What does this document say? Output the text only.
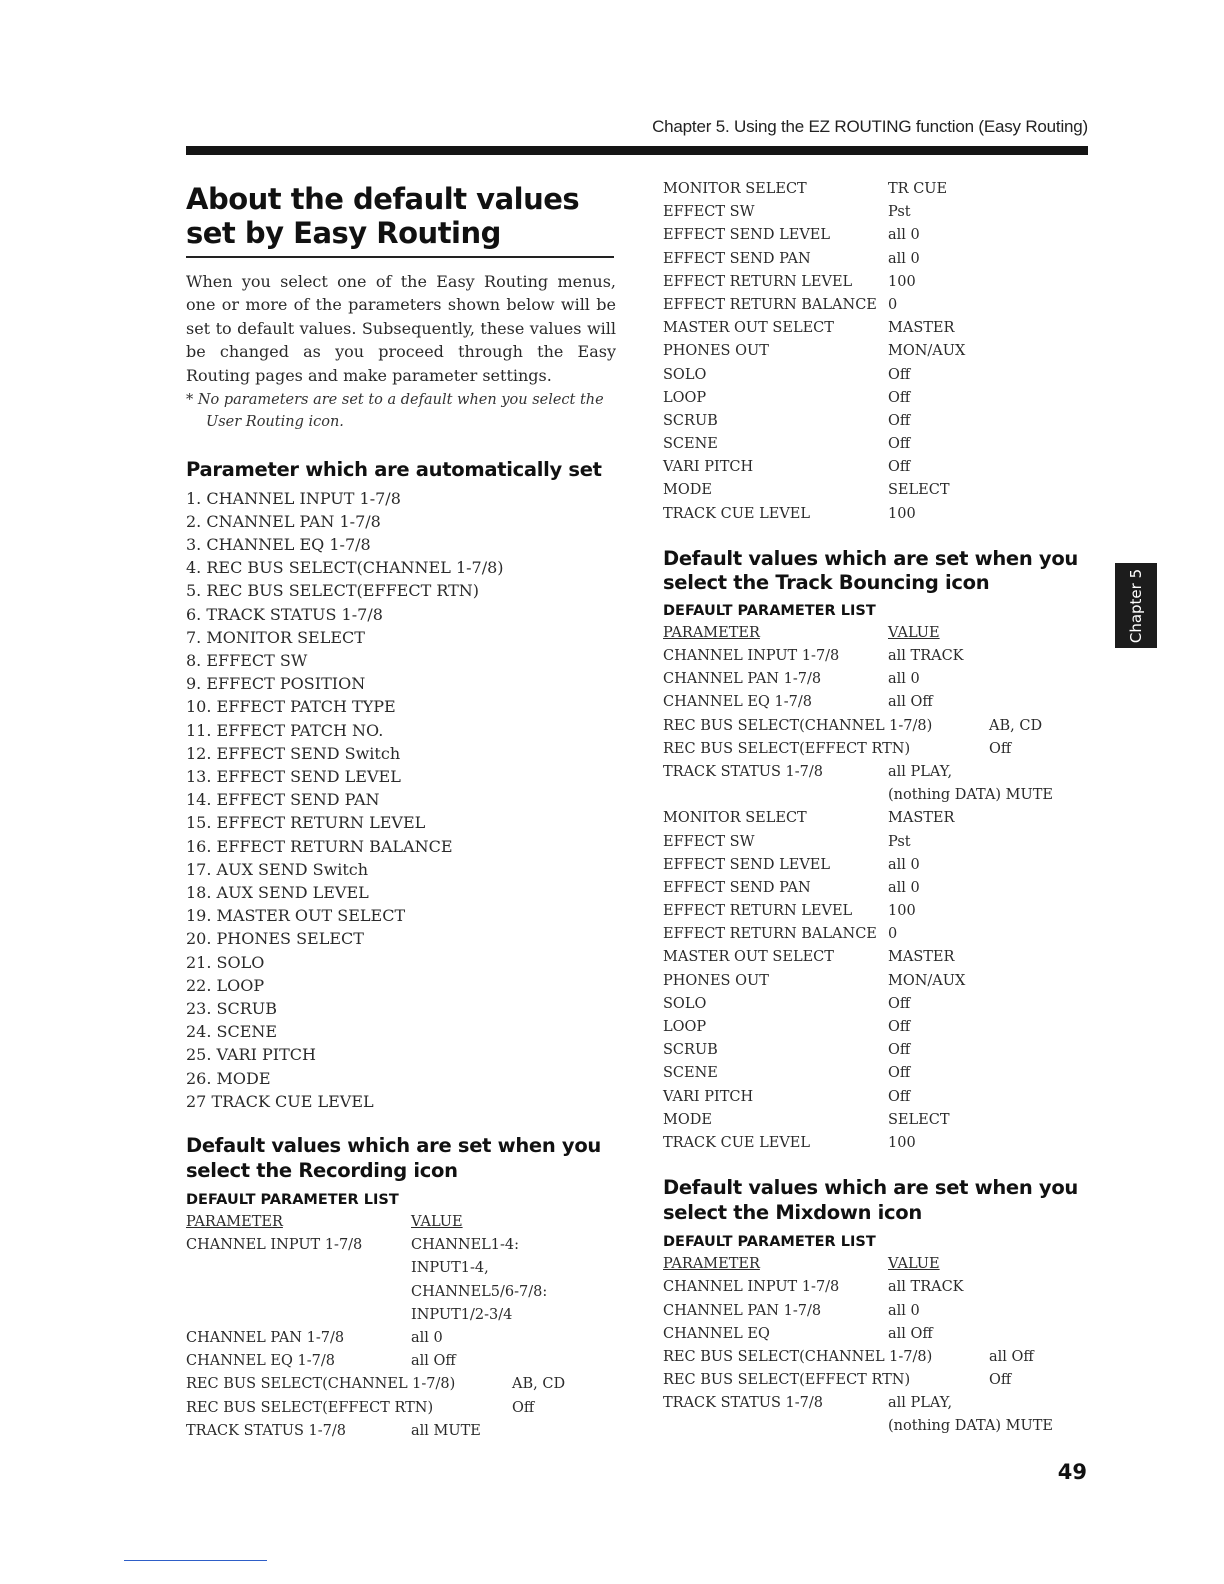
Chapter 5. Using the EZ ROUTING function (Easy Routing)
Chapter 5
About the default values set by Easy Routing
When you select one of the Easy Routing menus, one or more of the parameters shown below will be set to default values. Subsequently, these values will be changed as you proceed through the Easy Routing pages and make parameter settings.
* No parameters are set to a default when you select the User Routing icon.
Parameter which are automatically set
1. CHANNEL INPUT 1-7/8
2. CNANNEL PAN 1-7/8
3. CHANNEL EQ 1-7/8
4. REC BUS SELECT(CHANNEL 1-7/8)
5. REC BUS SELECT(EFFECT RTN)
6. TRACK STATUS 1-7/8
7. MONITOR SELECT
8. EFFECT SW
9. EFFECT POSITION
10. EFFECT PATCH TYPE
11. EFFECT PATCH NO.
12. EFFECT SEND Switch
13. EFFECT SEND LEVEL
14. EFFECT SEND PAN
15. EFFECT RETURN LEVEL
16. EFFECT RETURN BALANCE
17. AUX SEND Switch
18. AUX SEND LEVEL
19. MASTER OUT SELECT
20. PHONES SELECT
21. SOLO
22. LOOP
23. SCRUB
24. SCENE
25. VARI PITCH
26. MODE
27 TRACK CUE LEVEL
Default values which are set when you select the Recording icon
DEFAULT PARAMETER LIST
PARAMETER	VALUE
CHANNEL INPUT 1-7/8	CHANNEL1-4:
INPUT1-4,
CHANNEL5/6-7/8:
INPUT1/2-3/4
CHANNEL PAN 1-7/8	all 0
CHANNEL EQ 1-7/8	all Off
REC BUS SELECT(CHANNEL 1-7/8)	AB, CD
REC BUS SELECT(EFFECT RTN)	Off
TRACK STATUS 1-7/8	all MUTE
MONITOR SELECT	TR CUE
EFFECT SW	Pst
EFFECT SEND LEVEL	all 0
EFFECT SEND PAN	all 0
EFFECT RETURN LEVEL 100
EFFECT RETURN BALANCE 0
MASTER OUT SELECT	MASTER
PHONES OUT	MON/AUX
SOLO	Off
LOOP	Off
SCRUB	Off
SCENE	Off
VARI PITCH	Off
MODE	SELECT
TRACK CUE LEVEL	100
Default values which are set when you select the Track Bouncing icon
DEFAULT PARAMETER LIST
PARAMETER	VALUE
CHANNEL INPUT 1-7/8	all TRACK
CHANNEL PAN 1-7/8	all 0
CHANNEL EQ 1-7/8	all Off
REC BUS SELECT(CHANNEL 1-7/8)	AB, CD
REC BUS SELECT(EFFECT RTN)	Off
TRACK STATUS 1-7/8	all PLAY,
(nothing DATA) MUTE
MONITOR SELECT	MASTER
EFFECT SW	Pst
EFFECT SEND LEVEL	all 0
EFFECT SEND PAN	all 0
EFFECT RETURN LEVEL 100
EFFECT RETURN BALANCE 0
MASTER OUT SELECT	MASTER
PHONES OUT	MON/AUX
SOLO	Off
LOOP	Off
SCRUB	Off
SCENE	Off
VARI PITCH	Off
MODE	SELECT
TRACK CUE LEVEL	100
Default values which are set when you select the Mixdown icon
DEFAULT PARAMETER LIST
PARAMETER	VALUE
CHANNEL INPUT 1-7/8	all TRACK
CHANNEL PAN 1-7/8	all 0
CHANNEL EQ	all Off
REC BUS SELECT(CHANNEL 1-7/8)	all Off
REC BUS SELECT(EFFECT RTN)	Off
TRACK STATUS 1-7/8	all PLAY,
(nothing DATA) MUTE
49
